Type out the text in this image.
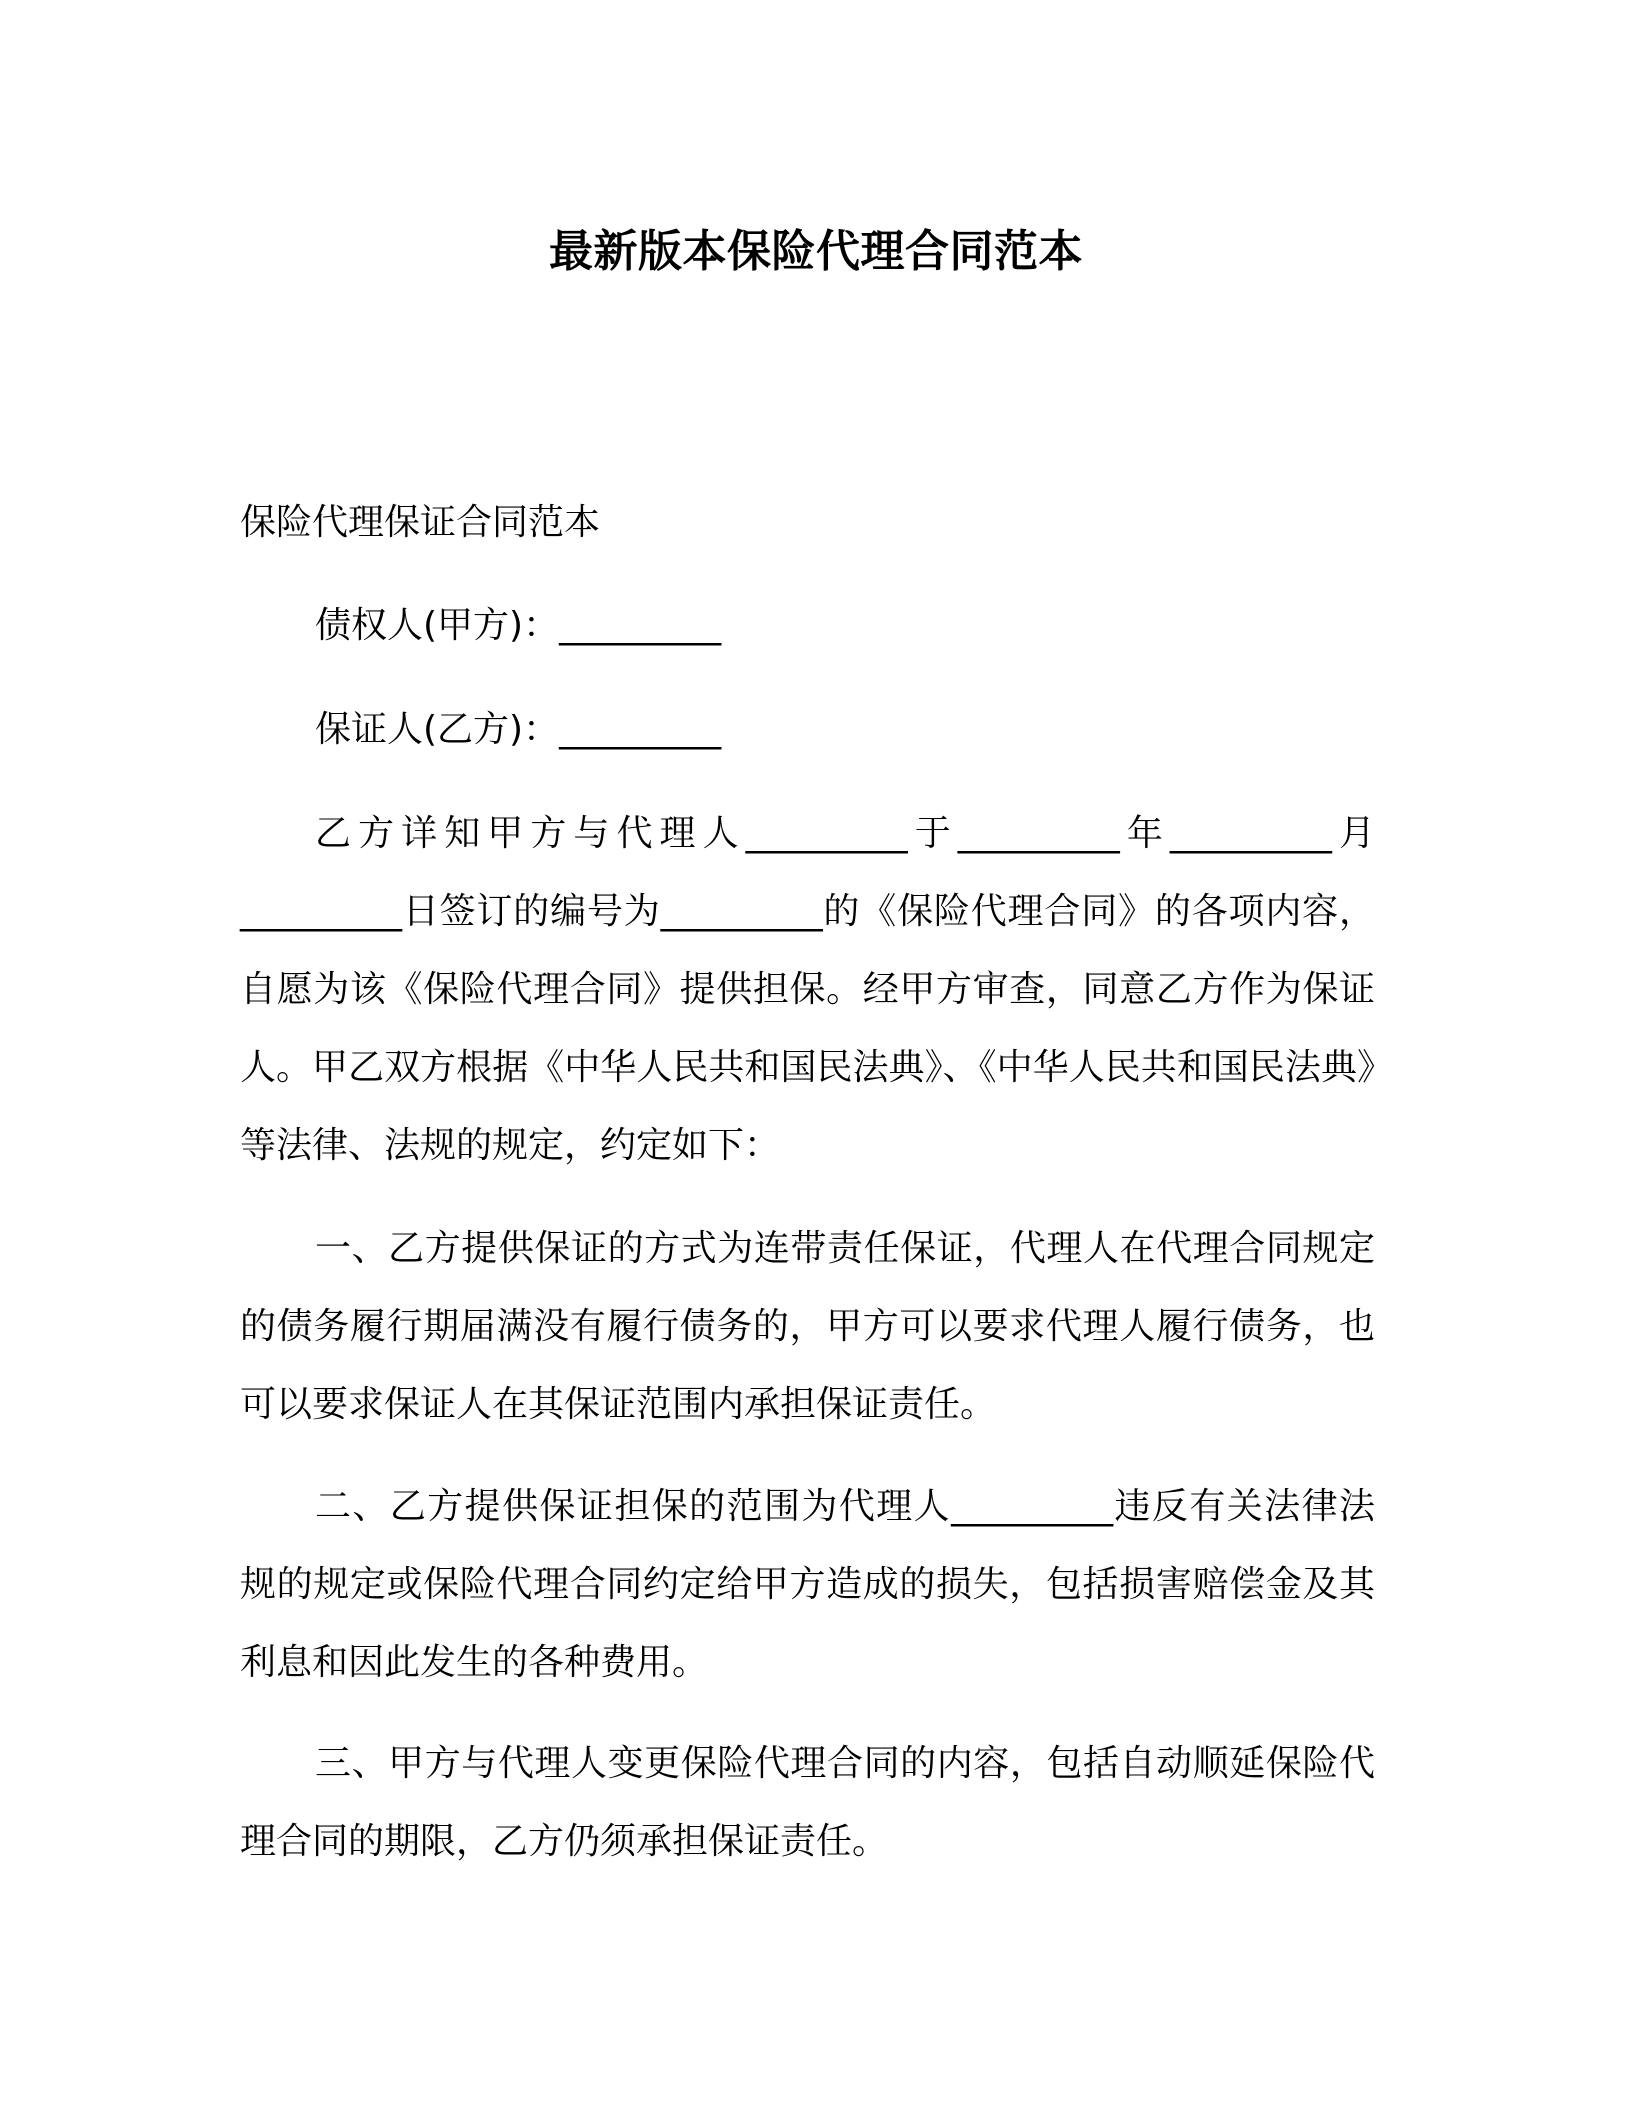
最新版本保险代理合同范本

保险代理保证合同范本

债权人(甲方)：_________

保证人(乙方)：_________

乙方详知甲方与代理人_________于_________年_________月_________日签订的编号为_________的《保险代理合同》的各项内容，自愿为该《保险代理合同》提供担保。经甲方审查，同意乙方作为保证人。甲乙双方根据《中华人民共和国民法典》、《中华人民共和国民法典》等法律、法规的规定，约定如下：

一、乙方提供保证的方式为连带责任保证，代理人在代理合同规定的债务履行期届满没有履行债务的，甲方可以要求代理人履行债务，也可以要求保证人在其保证范围内承担保证责任。

二、乙方提供保证担保的范围为代理人_________违反有关法律法规的规定或保险代理合同约定给甲方造成的损失，包括损害赔偿金及其利息和因此发生的各种费用。

三、甲方与代理人变更保险代理合同的内容，包括自动顺延保险代理合同的期限，乙方仍须承担保证责任。
